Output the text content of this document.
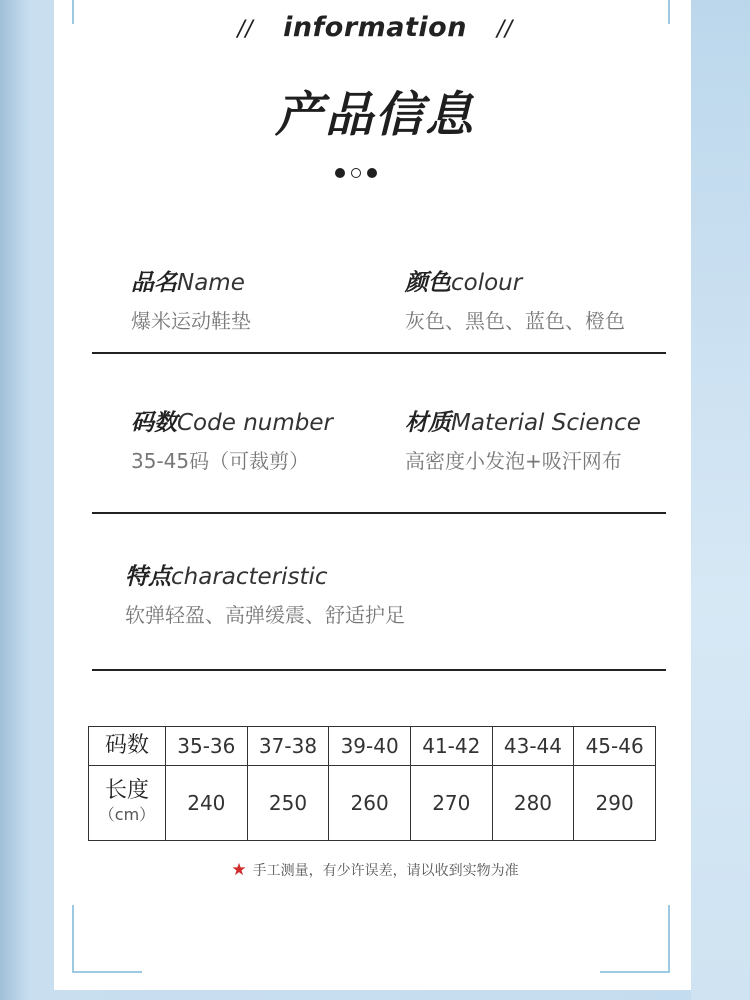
// information //
产品信息
品名Name
爆米运动鞋垫
颜色colour
灰色、黑色、蓝色、橙色
码数Code number
35-45码（可裁剪）
材质Material Science
高密度小发泡+吸汗网布
特点characteristic
软弹轻盈、高弹缓震、舒适护足
码数	35-36	37-38	39-40	41-42	43-44	45-46
长度
（cm）	240	250	260	270	280	290
★ 手工测量，有少许误差，请以收到实物为准
